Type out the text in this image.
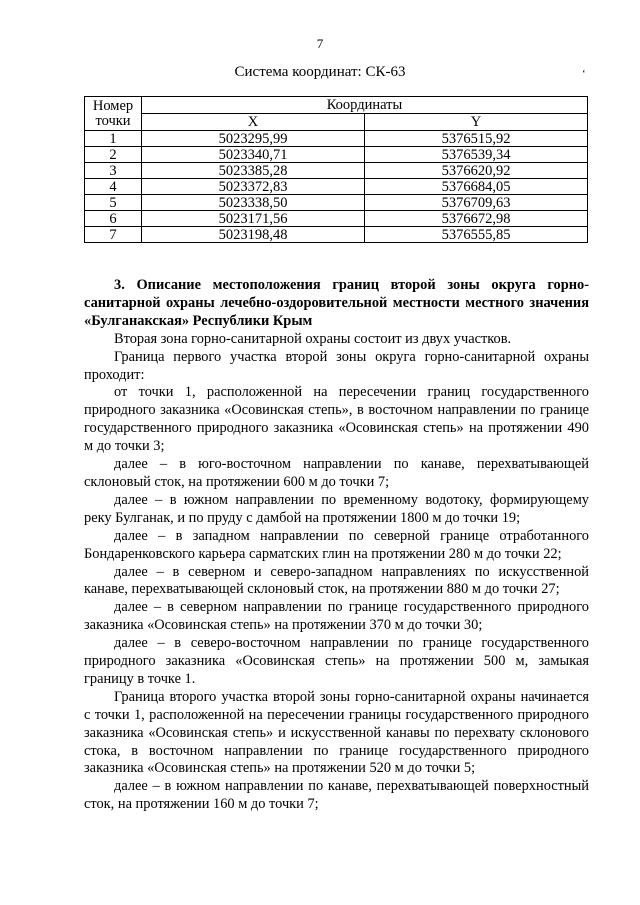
7
Система координат: СК-63	ʻ
Номер точки	Координаты	
	X	Y
1	5023295,99	5376515,92
2	5023340,71	5376539,34
3	5023385,28	5376620,92
4	5023372,83	5376684,05
5	5023338,50	5376709,63
6	5023171,56	5376672,98
7	5023198,48	5376555,85

3. Описание местоположения границ второй зоны округа горно-санитарной охраны лечебно-оздоровительной местности местного значения «Булганакская» Республики Крым

Вторая зона горно-санитарной охраны состоит из двух участков.

Граница первого участка второй зоны округа горно-санитарной охраны проходит:

от точки 1, расположенной на пересечении границ государственного природного заказника «Осовинская степь», в восточном направлении по границе государственного природного заказника «Осовинская степь» на протяжении 490 м до точки 3;

далее – в юго-восточном направлении по канаве, перехватывающей склоновый сток, на протяжении 600 м до точки 7;

далее – в южном направлении по временному водотоку, формирующему реку Булганак, и по пруду с дамбой на протяжении 1800 м до точки 19;

далее – в западном направлении по северной границе отработанного Бондаренковского карьера сарматских глин на протяжении 280 м до точки 22;

далее – в северном и северо-западном направлениях по искусственной канаве, перехватывающей склоновый сток, на протяжении 880 м до точки 27;

далее – в северном направлении по границе государственного природного заказника «Осовинская степь» на протяжении 370 м до точки 30;

далее – в северо-восточном направлении по границе государственного природного заказника «Осовинская степь» на протяжении 500 м, замыкая границу в точке 1.

Граница второго участка второй зоны горно-санитарной охраны начинается с точки 1, расположенной на пересечении границы государственного природного заказника «Осовинская степь» и искусственной канавы по перехвату склонового стока, в восточном направлении по границе государственного природного заказника «Осовинская степь» на протяжении 520 м до точки 5;

далее – в южном направлении по канаве, перехватывающей поверхностный сток, на протяжении 160 м до точки 7;
